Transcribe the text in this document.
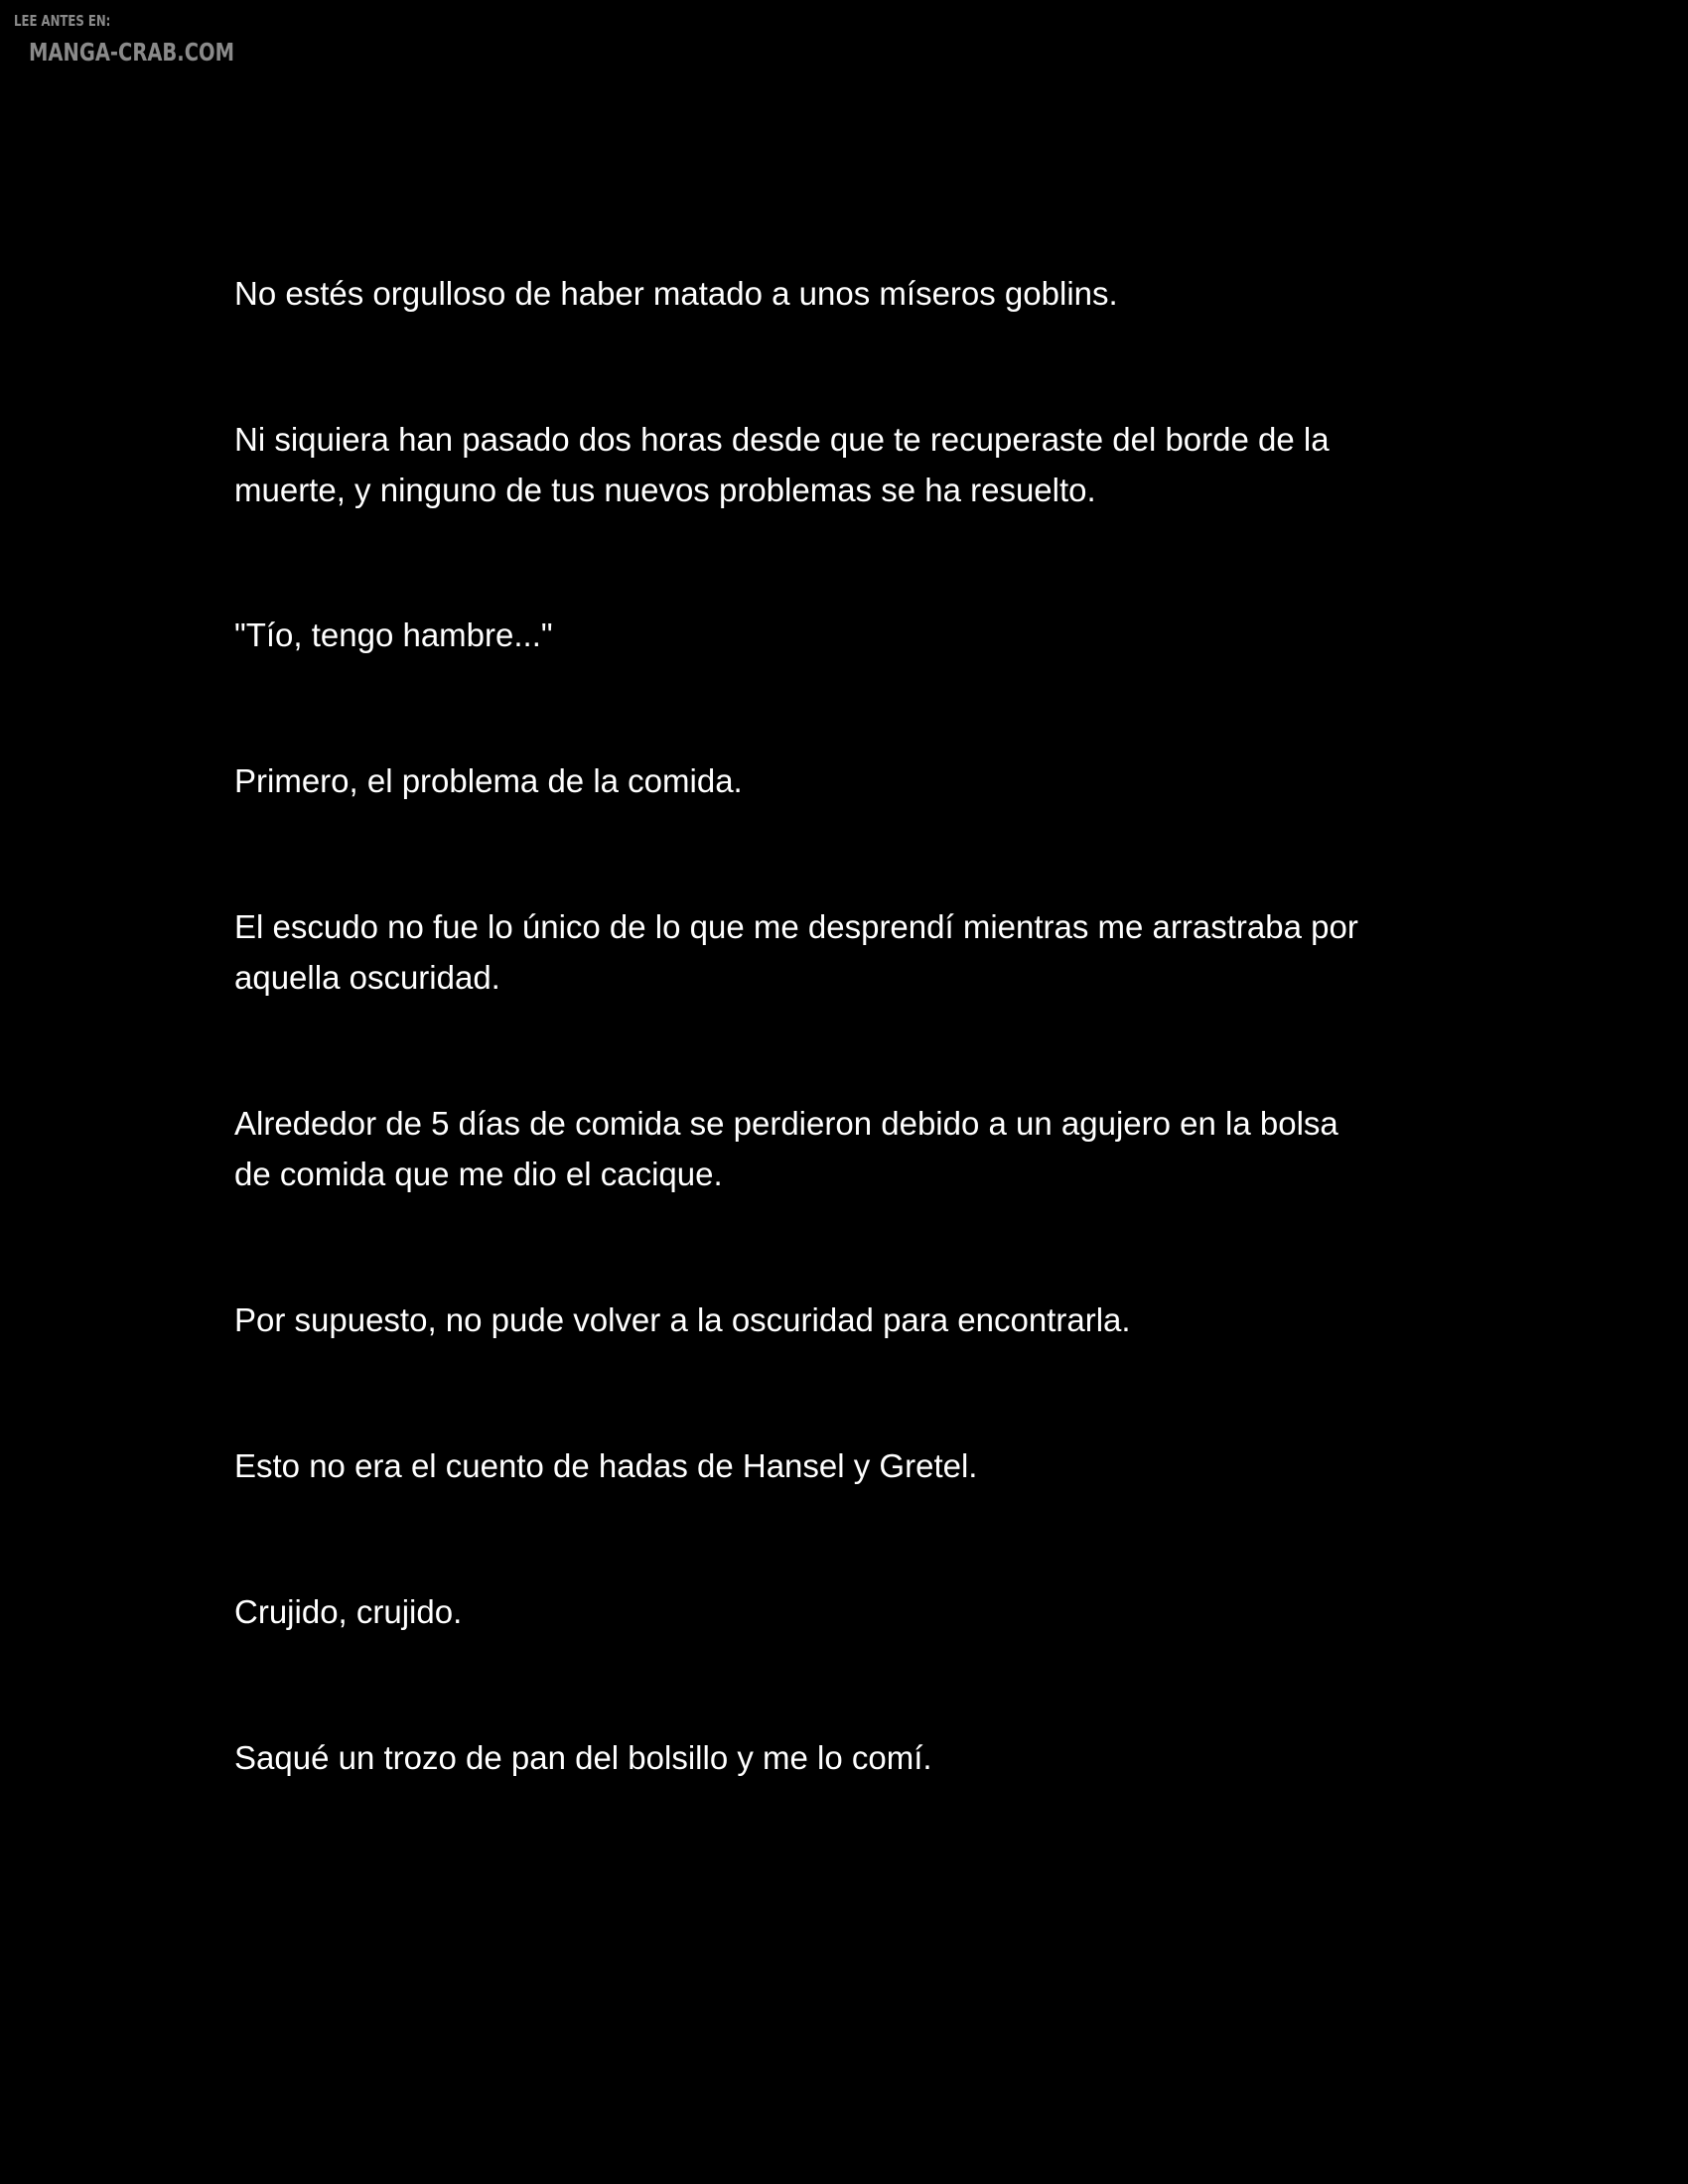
LEE ANTES EN:
MANGA-CRAB.COM

No estés orgulloso de haber matado a unos míseros goblins.

Ni siquiera han pasado dos horas desde que te recuperaste del borde de la
muerte, y ninguno de tus nuevos problemas se ha resuelto.

"Tío, tengo hambre..."

Primero, el problema de la comida.

El escudo no fue lo único de lo que me desprendí mientras me arrastraba por
aquella oscuridad.

Alrededor de 5 días de comida se perdieron debido a un agujero en la bolsa
de comida que me dio el cacique.

Por supuesto, no pude volver a la oscuridad para encontrarla.

Esto no era el cuento de hadas de Hansel y Gretel.

Crujido, crujido.

Saqué un trozo de pan del bolsillo y me lo comí.
